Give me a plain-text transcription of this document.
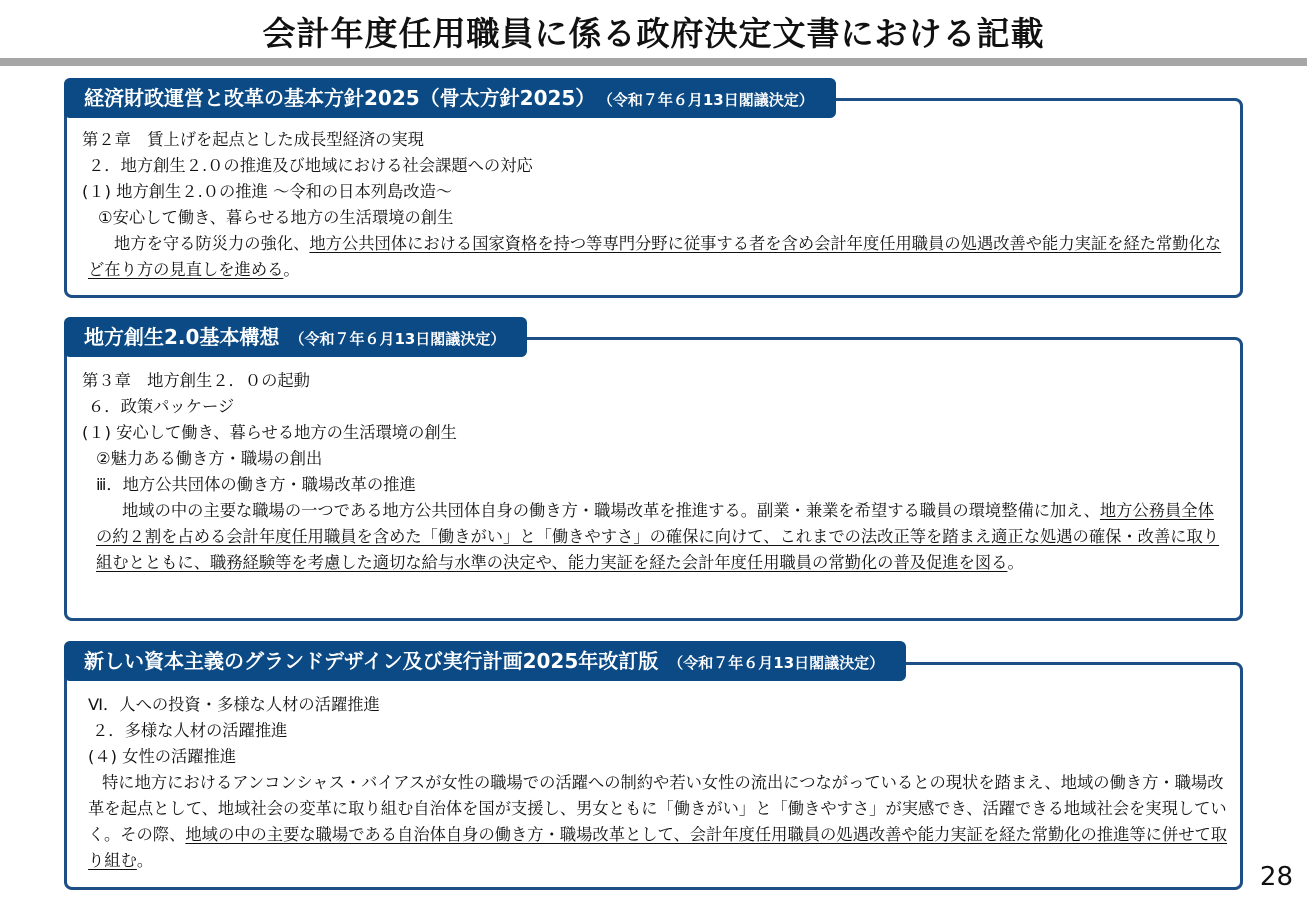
会計年度任用職員に係る政府決定文書における記載
経済財政運営と改革の基本方針2025（骨太方針2025） （令和７年６月13日閣議決定）

第２章　賃上げを起点とした成長型経済の実現

２．地方創生２.０の推進及び地域における社会課題への対応

(１) 地方創生２.０の推進 ～令和の日本列島改造～

①安心して働き、暮らせる地方の生活環境の創生

地方を守る防災力の強化、地方公共団体における国家資格を持つ等専門分野に従事する者を含め会計年度任用職員の処遇改善や能力実証を経た常勤化など在り方の見直しを進める。

地方創生2.0基本構想 （令和７年６月13日閣議決定）

第３章　地方創生２．０の起動

６．政策パッケージ

(１) 安心して働き、暮らせる地方の生活環境の創生

②魅力ある働き方・職場の創出

ⅲ．地方公共団体の働き方・職場改革の推進

地域の中の主要な職場の一つである地方公共団体自身の働き方・職場改革を推進する。副業・兼業を希望する職員の環境整備に加え、地方公務員全体の約２割を占める会計年度任用職員を含めた「働きがい」と「働きやすさ」の確保に向けて、これまでの法改正等を踏まえ適正な処遇の確保・改善に取り組むとともに、職務経験等を考慮した適切な給与水準の決定や、能力実証を経た会計年度任用職員の常勤化の普及促進を図る。

新しい資本主義のグランドデザイン及び実行計画2025年改訂版 （令和７年６月13日閣議決定）

Ⅵ．人への投資・多様な人材の活躍推進

２．多様な人材の活躍推進

(４) 女性の活躍推進

特に地方におけるアンコンシャス・バイアスが女性の職場での活躍への制約や若い女性の流出につながっているとの現状を踏まえ、地域の働き方・職場改革を起点として、地域社会の変革に取り組む自治体を国が支援し、男女ともに「働きがい」と「働きやすさ」が実感でき、活躍できる地域社会を実現していく。その際、地域の中の主要な職場である自治体自身の働き方・職場改革として、会計年度任用職員の処遇改善や能力実証を経た常勤化の推進等に併せて取り組む。

28
